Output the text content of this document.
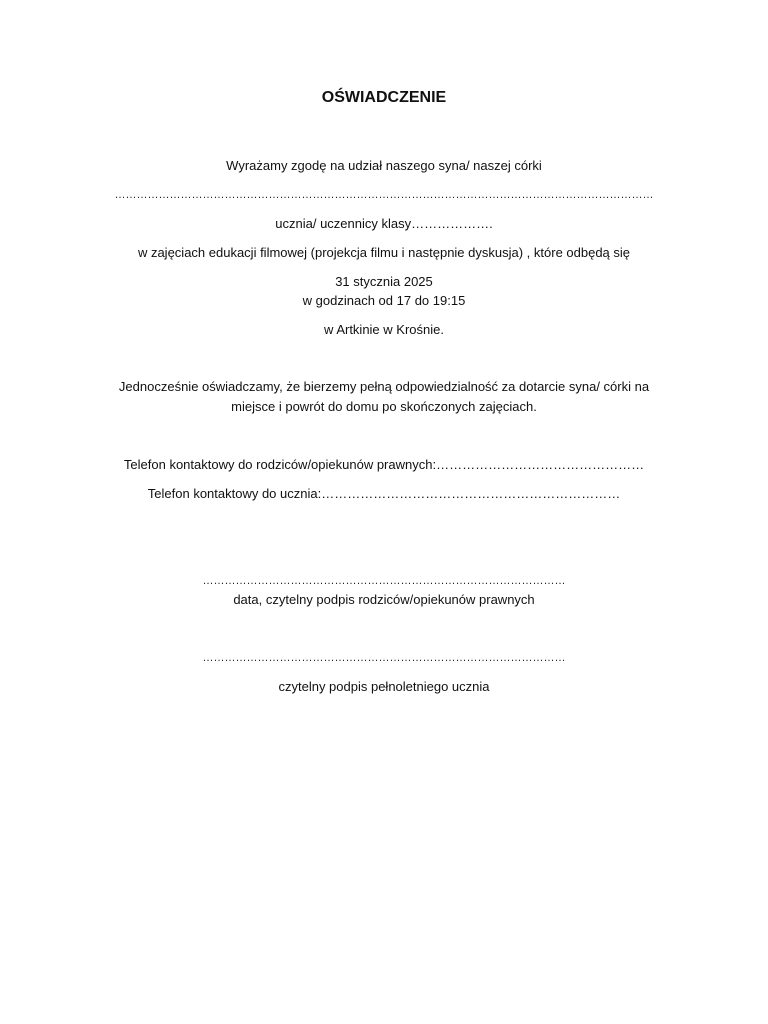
OŚWIADCZENIE
Wyrażamy zgodę na udział naszego syna/ naszej córki
…………………………………………………………………………………………………………………………………
ucznia/ uczennicy klasy……………….
w zajęciach edukacji filmowej (projekcja filmu i następnie dyskusja) , które odbędą się
31 stycznia 2025
w godzinach od 17 do 19:15
w Artkinie w Krośnie.
Jednocześnie oświadczamy, że bierzemy pełną odpowiedzialność za dotarcie syna/ córki na
miejsce i powrót do domu po skończonych zajęciach.
Telefon kontaktowy do rodziców/opiekunów prawnych:…………………………………………
Telefon kontaktowy do ucznia:……………………………………………………………
………………………………………………………………………………………
data, czytelny podpis rodziców/opiekunów prawnych
………………………………………………………………………………………
czytelny podpis pełnoletniego ucznia
